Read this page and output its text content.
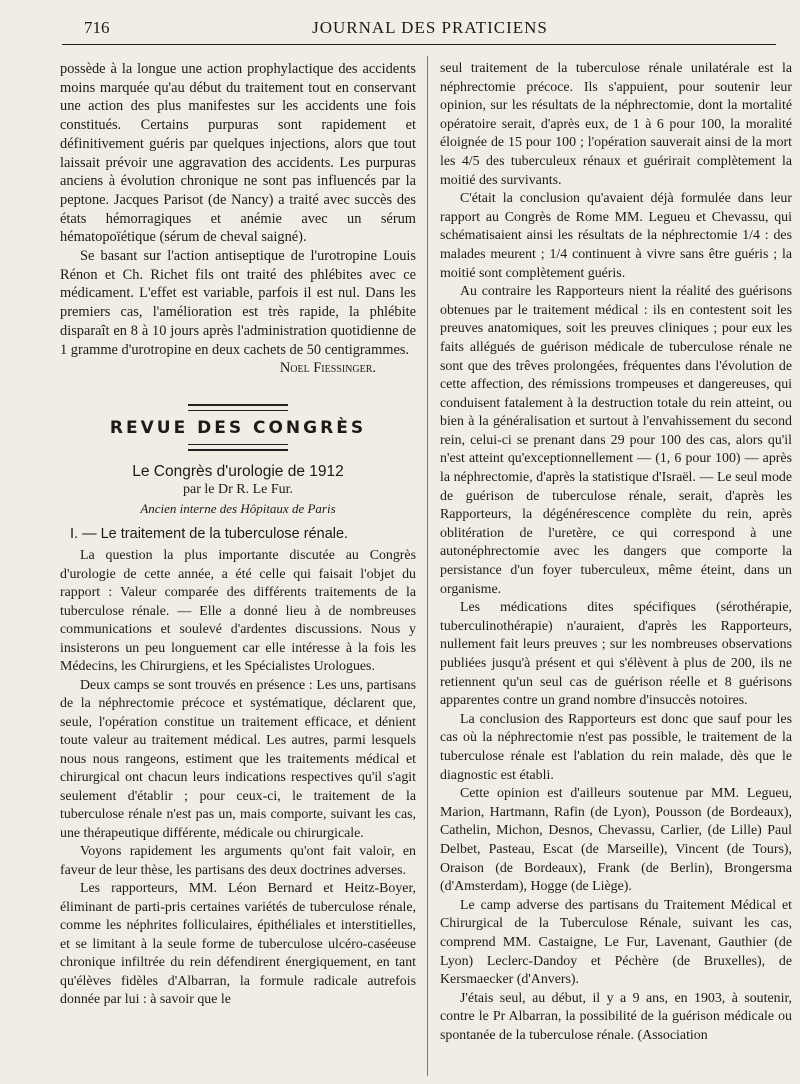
716	JOURNAL DES PRATICIENS

possède à la longue une action prophylactique des accidents moins marquée qu'au début du traitement tout en conservant une action des plus manifestes sur les accidents une fois constitués. Certains purpuras sont rapidement et définitivement guéris par quelques injections, alors que tout laissait prévoir une aggravation des accidents. Les purpuras anciens à évolution chronique ne sont pas influencés par la peptone. Jacques Parisot (de Nancy) a traité avec succès des états hémorragiques et anémie avec un sérum hématopoïétique (sérum de cheval saigné).

Se basant sur l'action antiseptique de l'urotropine Louis Rénon et Ch. Richet fils ont traité des phlébites avec ce médicament. L'effet est variable, parfois il est nul. Dans les premiers cas, l'amélioration est très rapide, la phlébite disparaît en 8 à 10 jours après l'administration quotidienne de 1 gramme d'urotropine en deux cachets de 50 centigrammes.

Noel Fiessinger.

REVUE DES CONGRÈS
Le Congrès d'urologie de 1912
par le Dr R. Le Fur.
Ancien interne des Hôpitaux de Paris
I. — Le traitement de la tuberculose rénale.

La question la plus importante discutée au Congrès d'urologie de cette année, a été celle qui faisait l'objet du rapport : Valeur comparée des différents traitements de la tuberculose rénale. — Elle a donné lieu à de nombreuses communications et soulevé d'ardentes discussions. Nous y insisterons un peu longuement car elle intéresse à la fois les Médecins, les Chirurgiens, et les Spécialistes Urologues.

Deux camps se sont trouvés en présence : Les uns, partisans de la néphrectomie précoce et systématique, déclarent que, seule, l'opération constitue un traitement efficace, et dénient toute valeur au traitement médical. Les autres, parmi lesquels nous nous rangeons, estiment que les traitements médical et chirurgical ont chacun leurs indications respectives qu'il s'agit seulement d'établir ; pour ceux-ci, le traitement de la tuberculose rénale n'est pas un, mais comporte, suivant les cas, une thérapeutique différente, médicale ou chirurgicale.

Voyons rapidement les arguments qu'ont fait valoir, en faveur de leur thèse, les partisans des deux doctrines adverses.

Les rapporteurs, MM. Léon Bernard et Heitz-Boyer, éliminant de parti-pris certaines variétés de tuberculose rénale, comme les néphrites folliculaires, épithéliales et interstitielles, et se limitant à la seule forme de tuberculose ulcéro-caséeuse chronique infiltrée du rein défendirent énergiquement, en tant qu'élèves fidèles d'Albarran, la formule radicale autrefois donnée par lui : à savoir que le

seul traitement de la tuberculose rénale unilatérale est la néphrectomie précoce. Ils s'appuient, pour soutenir leur opinion, sur les résultats de la néphrectomie, dont la mortalité opératoire serait, d'après eux, de 1 à 6 pour 100, la moralité éloignée de 15 pour 100 ; l'opération sauverait ainsi de la mort les 4/5 des tuberculeux rénaux et guérirait complètement la moitié des survivants.

C'était la conclusion qu'avaient déjà formulée dans leur rapport au Congrès de Rome MM. Legueu et Chevassu, qui schématisaient ainsi les résultats de la néphrectomie 1/4 : des malades meurent ; 1/4 continuent à vivre sans être guéris ; la moitié sont complètement guéris.

Au contraire les Rapporteurs nient la réalité des guérisons obtenues par le traitement médical : ils en contestent soit les preuves anatomiques, soit les preuves cliniques ; pour eux les faits allégués de guérison médicale de tuberculose rénale ne sont que des trêves prolongées, fréquentes dans l'évolution de cette affection, des rémissions trompeuses et dangereuses, qui conduisent fatalement à la destruction totale du rein atteint, ou bien à la généralisation et surtout à l'envahissement du second rein, celui-ci se prenant dans 29 pour 100 des cas, alors qu'il n'est atteint qu'exceptionnellement — (1, 6 pour 100) — après la néphrectomie, d'après la statistique d'Israël. — Le seul mode de guérison de tuberculose rénale, serait, d'après les Rapporteurs, la dégénérescence complète du rein, après oblitération de l'uretère, ce qui correspond à une autonéphrectomie avec les dangers que comporte la persistance d'un foyer tuberculeux, même éteint, dans un organisme.

Les médications dites spécifiques (sérothérapie, tuberculinothérapie) n'auraient, d'après les Rapporteurs, nullement fait leurs preuves ; sur les nombreuses observations publiées jusqu'à présent et qui s'élèvent à plus de 200, ils ne retiennent qu'un seul cas de guérison réelle et 8 guérisons apparentes contre un grand nombre d'insuccès notoires.

La conclusion des Rapporteurs est donc que sauf pour les cas où la néphrectomie n'est pas possible, le traitement de la tuberculose rénale est l'ablation du rein malade, dès que le diagnostic est établi.

Cette opinion est d'ailleurs soutenue par MM. Legueu, Marion, Hartmann, Rafin (de Lyon), Pousson (de Bordeaux), Cathelin, Michon, Desnos, Chevassu, Carlier, (de Lille) Paul Delbet, Pasteau, Escat (de Marseille), Vincent (de Tours), Oraison (de Bordeaux), Frank (de Berlin), Brongersma (d'Amsterdam), Hogge (de Liège).

Le camp adverse des partisans du Traitement Médical et Chirurgical de la Tuberculose Rénale, suivant les cas, comprend MM. Castaigne, Le Fur, Lavenant, Gauthier (de Lyon) Leclerc-Dandoy et Péchère (de Bruxelles), de Kersmaecker (d'Anvers).

J'étais seul, au début, il y a 9 ans, en 1903, à soutenir, contre le Pr Albarran, la possibilité de la guérison médicale ou spontanée de la tuberculose rénale. (Association
